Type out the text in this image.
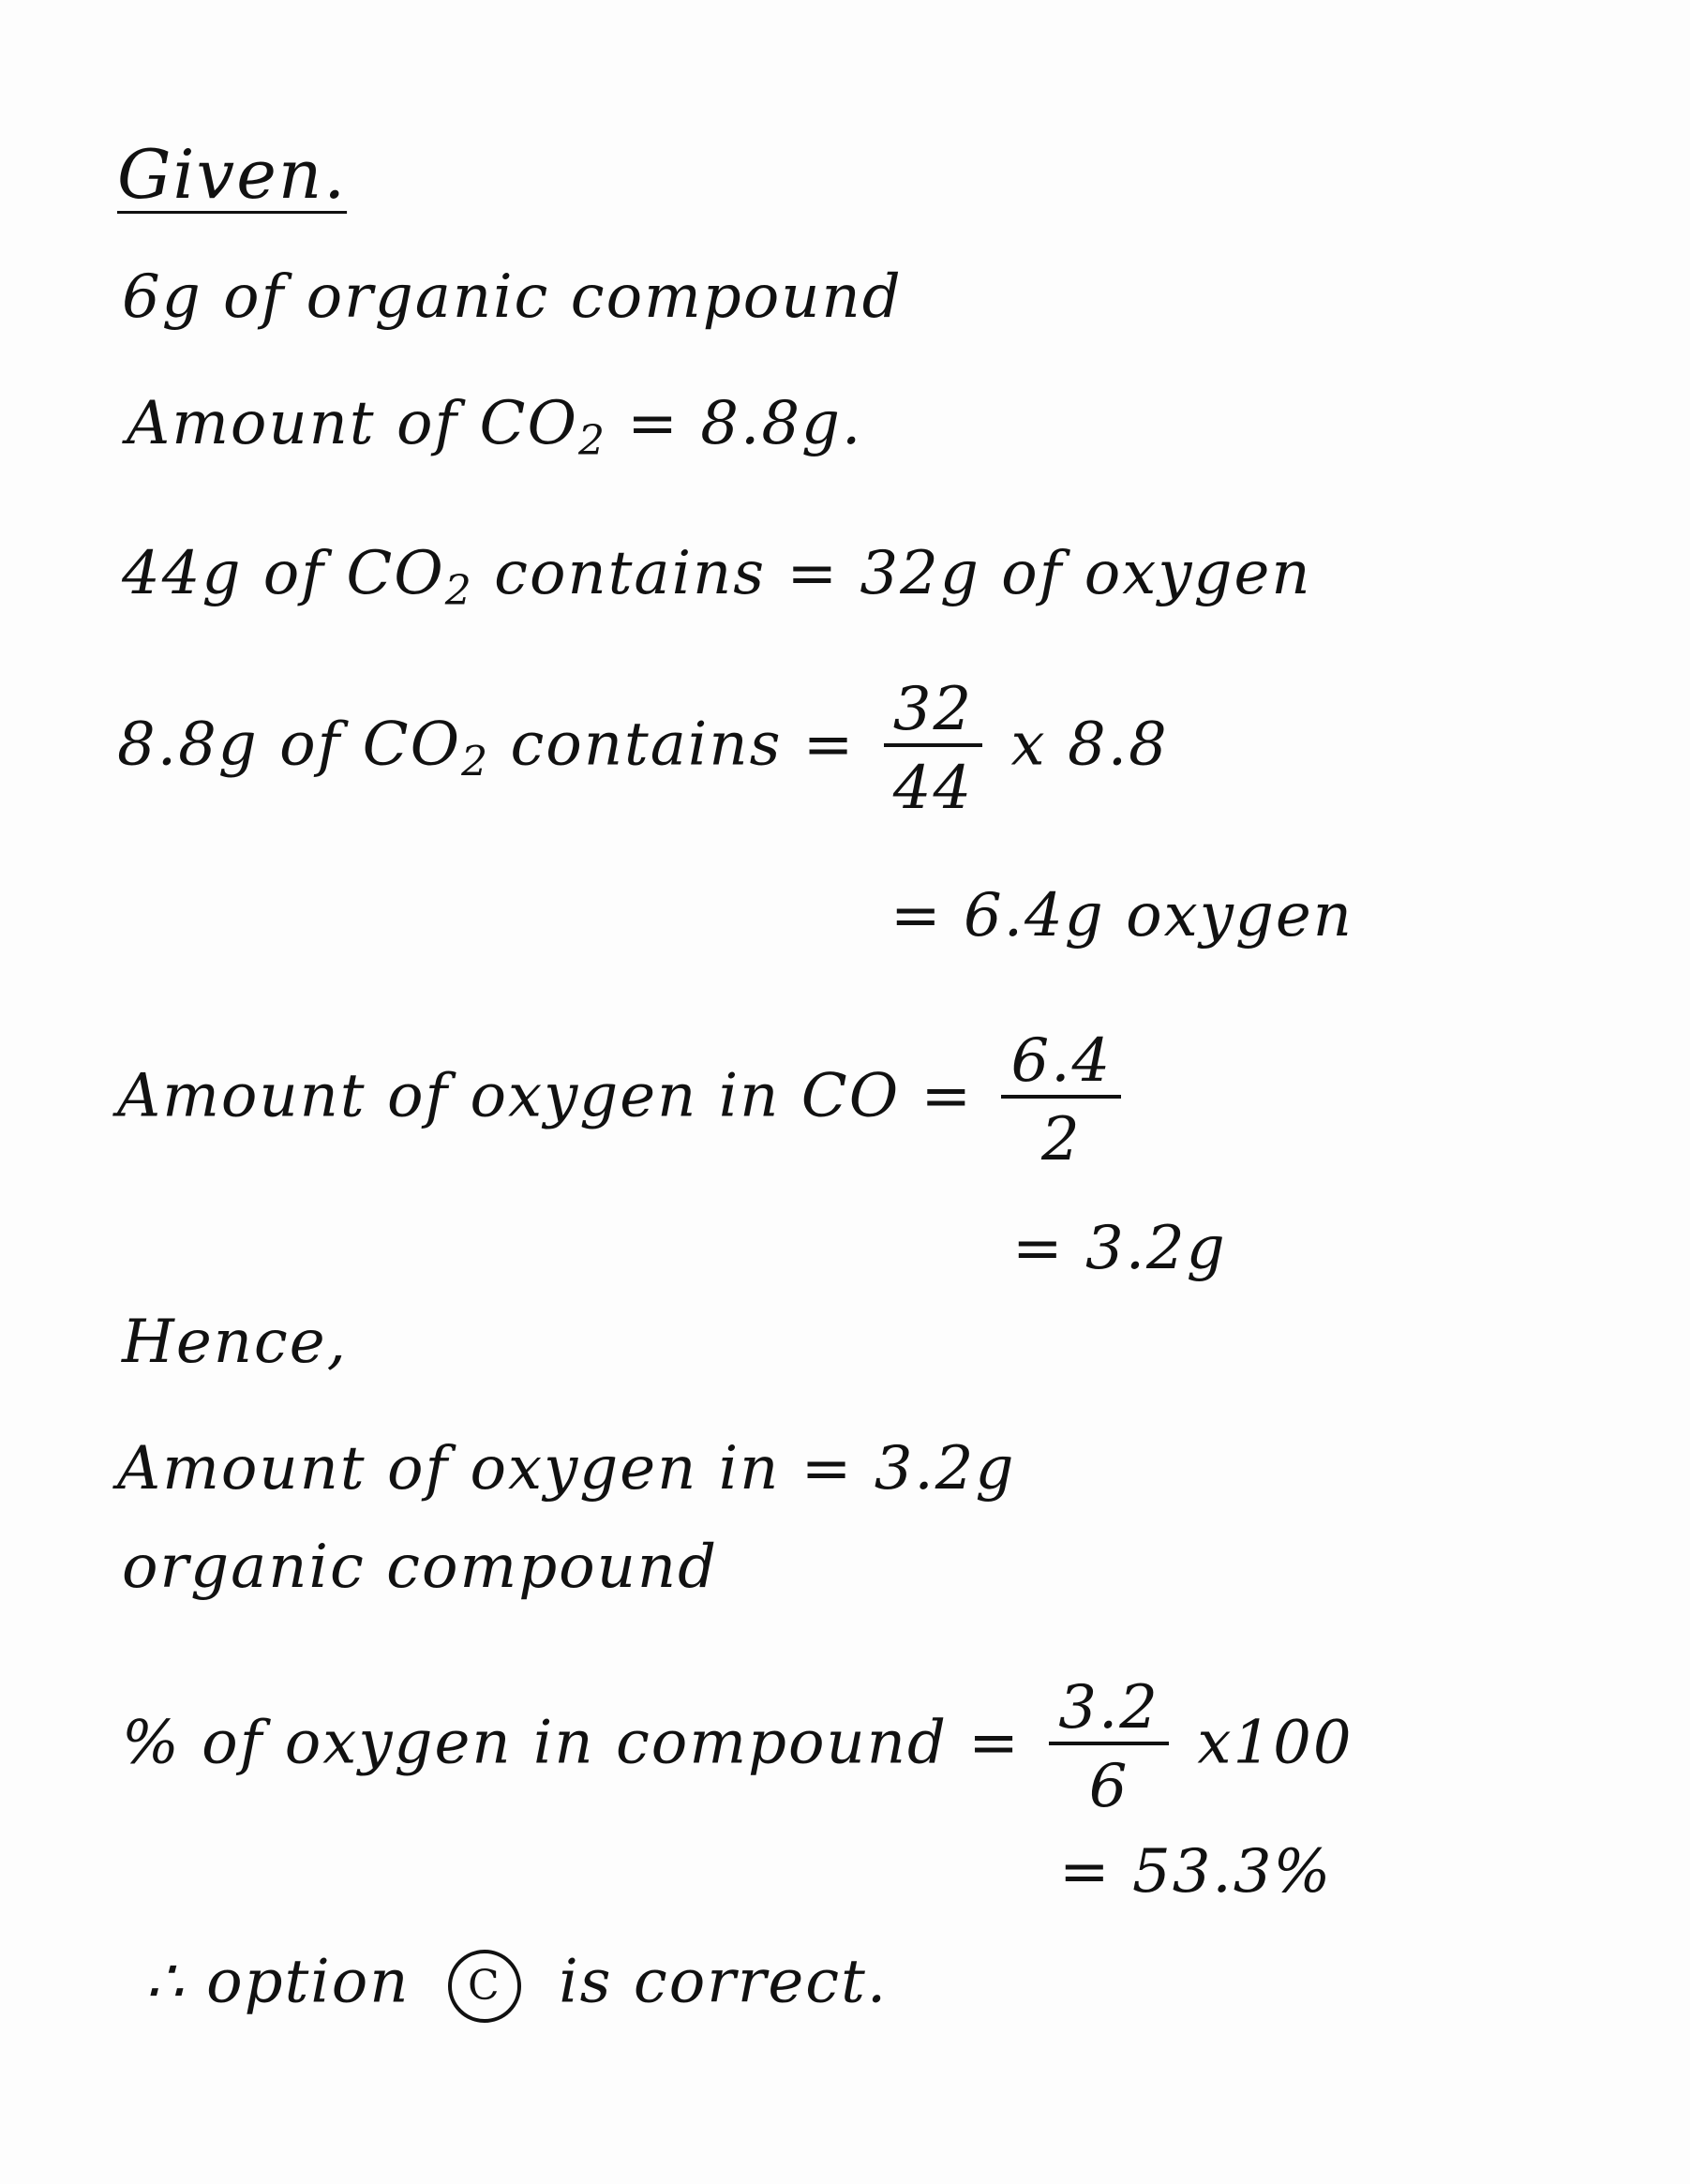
Given.
6g of organic compound
Amount of $CO_2 = 8.8g$.
44g of $CO_2$ contains = 32g of oxygen
8.8g of $CO_2$ contains = $\frac{32}{44}$ x 8.8
= 6.4g oxygen
Amount of oxygen in CO = $\frac{6.4}{2}$
= 3.2g
Hence,
Amount of oxygen in = 3.2g
organic compound
% of oxygen in compound = $\frac{3.2}{6} x100$
= 53.3%
∴ option C is correct.
